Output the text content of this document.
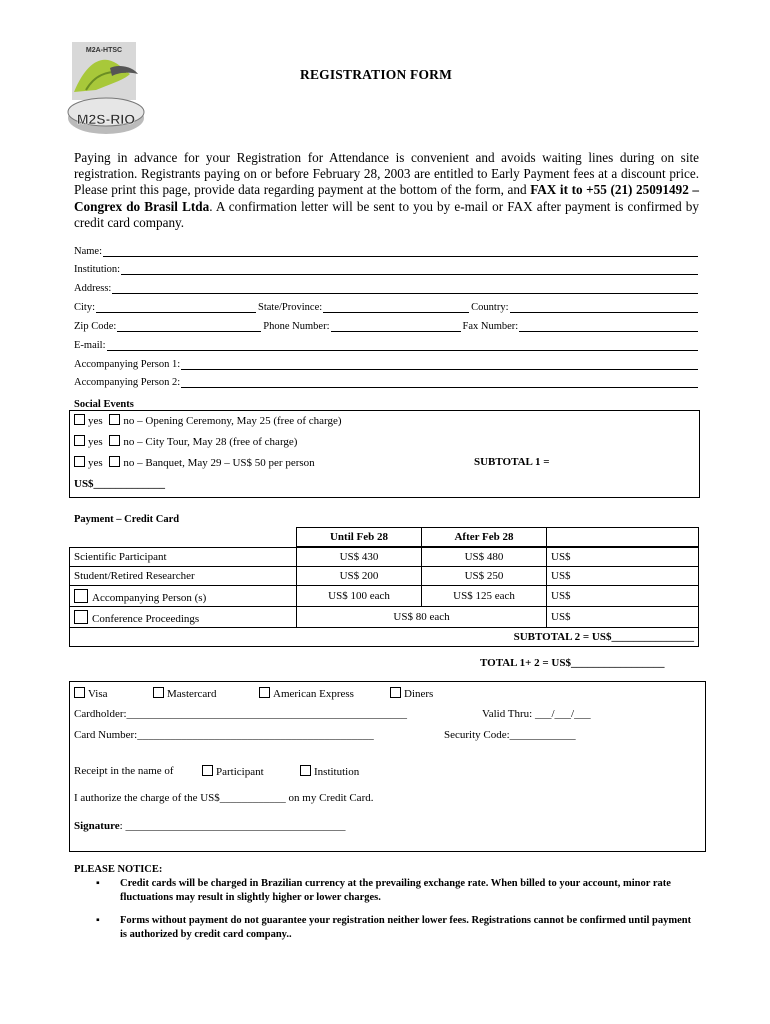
M2A-HTSC
M2S-RIO
REGISTRATION FORM
Paying in advance for your Registration for Attendance is convenient and avoids waiting lines during on site registration. Registrants paying on or before February 28, 2003 are entitled to Early Payment fees at a discount price. Please print this page, provide data regarding payment at the bottom of the form, and FAX it to +55 (21) 25091492 – Congrex do Brasil Ltda. A confirmation letter will be sent to you by e-mail or FAX after payment is confirmed by credit card company.
Name:
Institution:
Address:
City:	State/Province:	Country:
Zip Code:	Phone Number:	Fax Number:
E-mail:
Accompanying Person 1:
Accompanying Person 2:
Social Events
yes no – Opening Ceremony, May 25 (free of charge)
yes no – City Tour, May 28 (free of charge)
yes no – Banquet, May 29 – US$ 50 per person	SUBTOTAL 1 =
US$_____________
Payment – Credit Card
	Until Feb 28	After Feb 28	
Scientific Participant	US$ 430	US$ 480	US$
Student/Retired Researcher	US$ 200	US$ 250	US$
Accompanying Person (s)	US$ 100 each	US$ 125 each	US$
Conference Proceedings	US$ 80 each		US$
	SUBTOTAL 2 = US$_______________		
TOTAL 1+ 2 = US$_________________
Visa	Mastercard	American Express	Diners
Cardholder:___________________________________________________	Valid Thru: ___/___/___
Card Number:___________________________________________	Security Code:____________
Receipt in the name of	Participant	Institution
I authorize the charge of the US$____________ on my Credit Card.
Signature: ________________________________________
PLEASE NOTICE:
▪ Credit cards will be charged in Brazilian currency at the prevailing exchange rate. When billed to your account, minor rate fluctuations may result in slightly higher or lower charges.
▪ Forms without payment do not guarantee your registration neither lower fees. Registrations cannot be confirmed until payment is authorized by credit card company..
